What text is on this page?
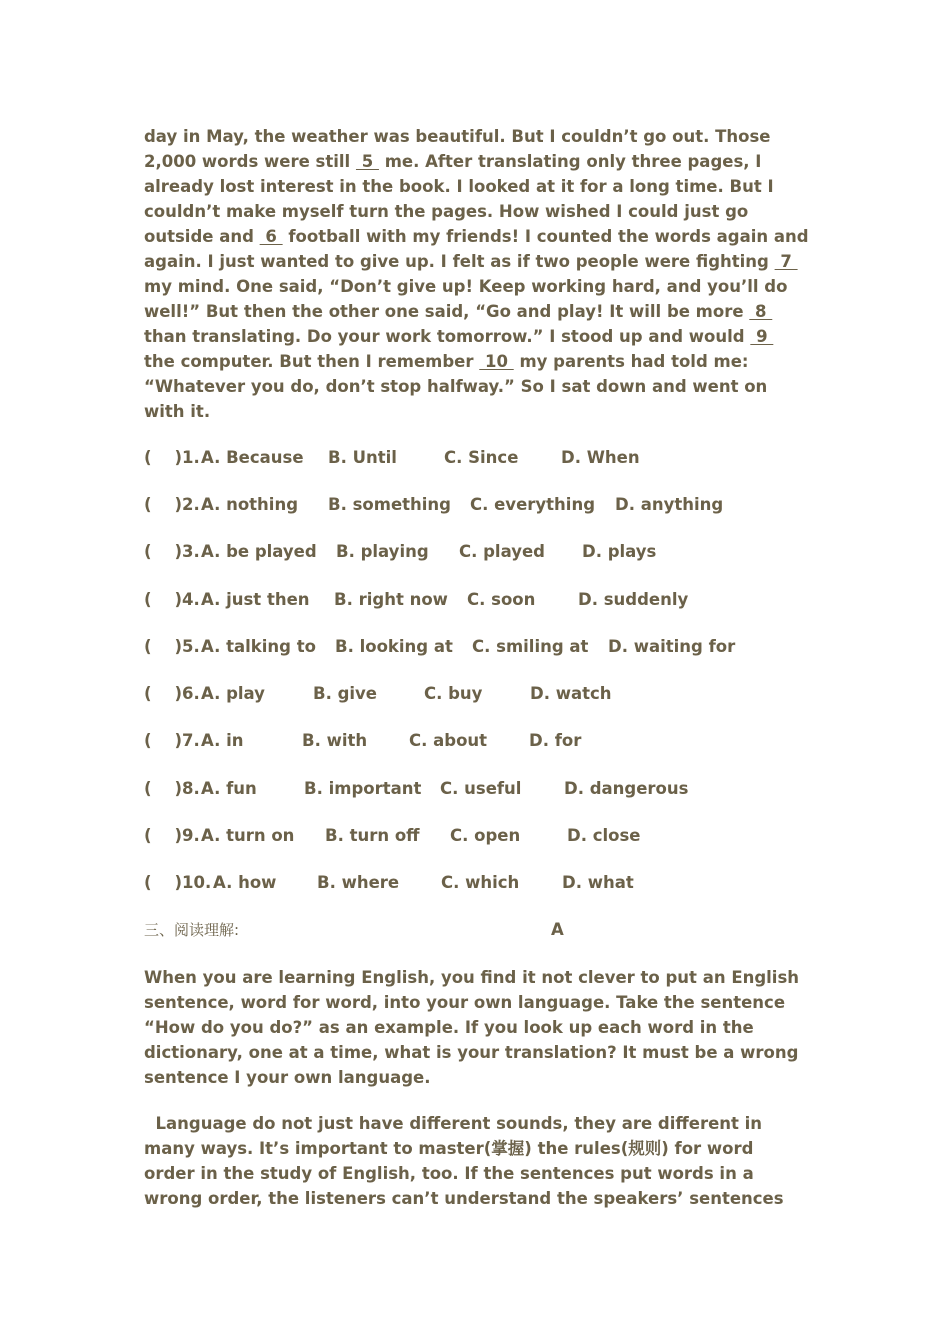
day in May, the weather was beautiful. But I couldn’t go out. Those 2,000 words were still  5  me. After translating only three pages, I already lost interest in the book. I looked at it for a long time. But I couldn’t make myself turn the pages. How wished I could just go outside and  6  football with my friends! I counted the words again and again. I just wanted to give up. I felt as if two people were fighting  7  my mind. One said, “Don’t give up! Keep working hard, and you’ll do well!” But then the other one said, “Go and play! It will be more  8  than translating. Do your work tomorrow.” I stood up and would  9  the computer. But then I remember  10  my parents had told me: “Whatever you do, don’t stop halfway.” So I sat down and went on with it.

(    )1.

A. Because

B. Until

	C. Since

	D. When

(    )2.

A. nothing

B. something

C. everything

D. anything

(    )3.

A. be played

B. playing

C. played

D. plays

(    )4.

A. just then

B. right now

C. soon

	D. suddenly

(    )5.

A. talking to

B. looking at

C. smiling at

D. waiting for

(    )6.

A. play

	B. give

	C. buy

	D. watch

(    )7.

A. in

	B. with

	C. about

	D. for

(    )8.

A. fun

	B. important

C. useful

	D. dangerous

(    )9.

A. turn on

B. turn off

C. open

	D. close

(    )10.

A. how

B. where

	C. which

	D. what

三、阅读理解:	A

When you are learning English, you find it not clever to put an English sentence, word for word, into your own language. Take the sentence “How do you do?” as an example. If you look up each word in the dictionary, one at a time, what is your translation? It must be a wrong sentence I your own language.

Language do not just have different sounds, they are different in many ways. It’s important to master(掌握) the rules(规则) for word order in the study of English, too. If the sentences put words in a wrong order, the listeners can’t understand the speakers’ sentences
